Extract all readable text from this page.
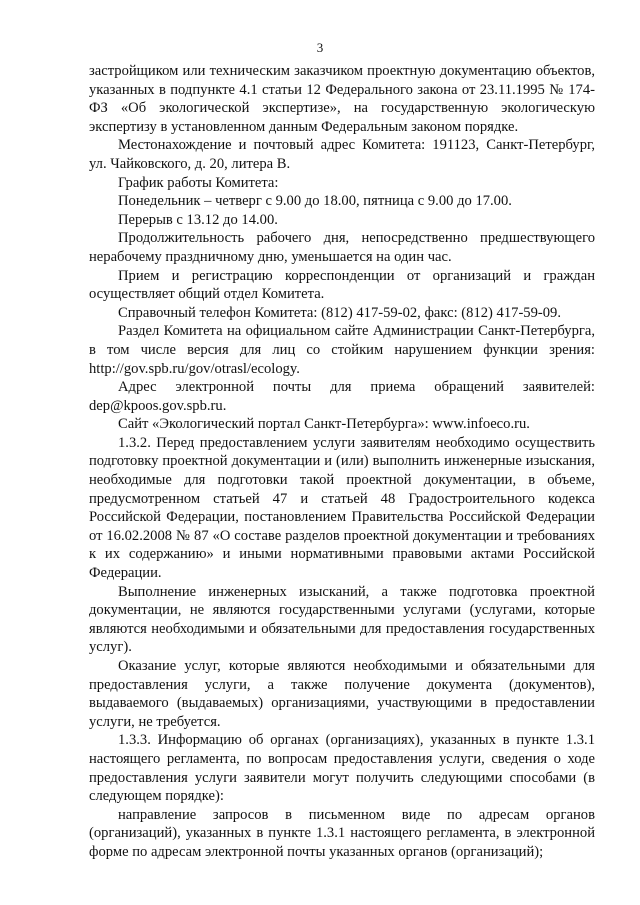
3

застройщиком или техническим заказчиком проектную документацию объектов, указанных в подпункте 4.1 статьи 12 Федерального закона от 23.11.1995 № 174-ФЗ «Об экологической экспертизе», на государственную экологическую экспертизу в установленном данным Федеральным законом порядке.

Местонахождение и почтовый адрес Комитета: 191123, Санкт-Петербург, ул. Чайковского, д. 20, литера В.

График работы Комитета:

Понедельник – четверг с 9.00 до 18.00, пятница с 9.00 до 17.00.

Перерыв с 13.12 до 14.00.

Продолжительность рабочего дня, непосредственно предшествующего нерабочему праздничному дню, уменьшается на один час.

Прием и регистрацию корреспонденции от организаций и граждан осуществляет общий отдел Комитета.

Справочный телефон Комитета: (812) 417-59-02, факс: (812) 417-59-09.

Раздел Комитета на официальном сайте Администрации Санкт-Петербурга, в том числе версия для лиц со стойким нарушением функции зрения: http://gov.spb.ru/gov/otrasl/ecology.

Адрес электронной почты для приема обращений заявителей: dep@kpoos.gov.spb.ru.

Сайт «Экологический портал Санкт-Петербурга»: www.infoeco.ru.

1.3.2. Перед предоставлением услуги заявителям необходимо осуществить подготовку проектной документации и (или) выполнить инженерные изыскания, необходимые для подготовки такой проектной документации, в объеме, предусмотренном статьей 47 и статьей 48 Градостроительного кодекса Российской Федерации, постановлением Правительства Российской Федерации от 16.02.2008 № 87 «О составе разделов проектной документации и требованиях к их содержанию» и иными нормативными правовыми актами Российской Федерации.

Выполнение инженерных изысканий, а также подготовка проектной документации, не являются государственными услугами (услугами, которые являются необходимыми и обязательными для предоставления государственных услуг).

Оказание услуг, которые являются необходимыми и обязательными для предоставления услуги, а также получение документа (документов), выдаваемого (выдаваемых) организациями, участвующими в предоставлении услуги, не требуется.

1.3.3. Информацию об органах (организациях), указанных в пункте 1.3.1 настоящего регламента, по вопросам предоставления услуги, сведения о ходе предоставления услуги заявители могут получить следующими способами (в следующем порядке):

направление запросов в письменном виде по адресам органов (организаций), указанных в пункте 1.3.1 настоящего регламента, в электронной форме по адресам электронной почты указанных органов (организаций);
